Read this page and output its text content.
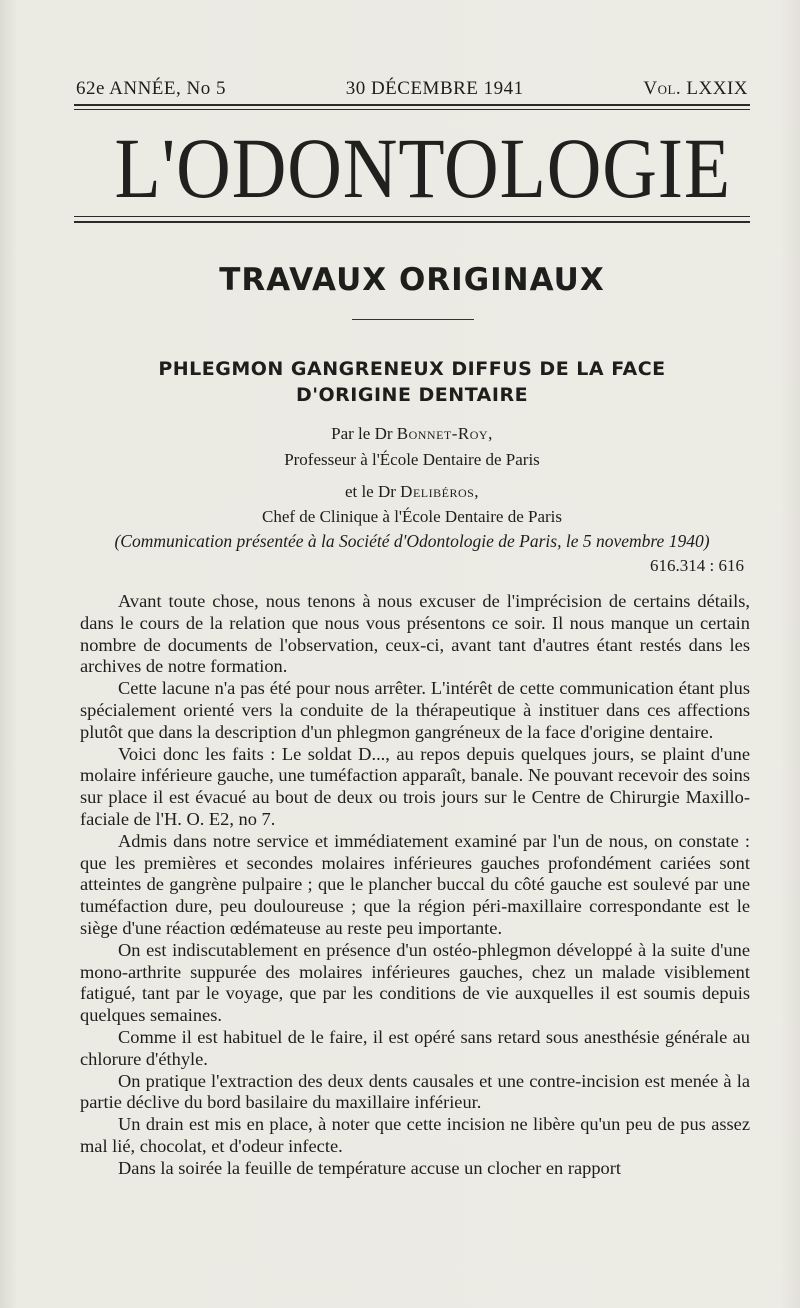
62e ANNÉE, No 5	30 DÉCEMBRE 1941	Vol. LXXIX
L'ODONTOLOGIE
TRAVAUX ORIGINAUX
PHLEGMON GANGRENEUX DIFFUS DE LA FACE
D'ORIGINE DENTAIRE
Par le Dr Bonnet-Roy,
Professeur à l'École Dentaire de Paris
et le Dr Delibéros,
Chef de Clinique à l'École Dentaire de Paris
(Communication présentée à la Société d'Odontologie de Paris, le 5 novembre 1940)
616.314 : 616

Avant toute chose, nous tenons à nous excuser de l'imprécision de certains détails, dans le cours de la relation que nous vous présentons ce soir. Il nous manque un certain nombre de documents de l'observation, ceux-ci, avant tant d'autres étant restés dans les archives de notre formation.

Cette lacune n'a pas été pour nous arrêter. L'intérêt de cette communication étant plus spécialement orienté vers la conduite de la thérapeutique à instituer dans ces affections plutôt que dans la description d'un phlegmon gangréneux de la face d'origine dentaire.

Voici donc les faits : Le soldat D..., au repos depuis quelques jours, se plaint d'une molaire inférieure gauche, une tuméfaction apparaît, banale. Ne pouvant recevoir des soins sur place il est évacué au bout de deux ou trois jours sur le Centre de Chirurgie Maxillo-faciale de l'H. O. E2, no 7.

Admis dans notre service et immédiatement examiné par l'un de nous, on constate : que les premières et secondes molaires inférieures gauches profondément cariées sont atteintes de gangrène pulpaire ; que le plancher buccal du côté gauche est soulevé par une tuméfaction dure, peu douloureuse ; que la région péri-maxillaire correspondante est le siège d'une réaction œdémateuse au reste peu importante.

On est indiscutablement en présence d'un ostéo-phlegmon développé à la suite d'une mono-arthrite suppurée des molaires inférieures gauches, chez un malade visiblement fatigué, tant par le voyage, que par les conditions de vie auxquelles il est soumis depuis quelques semaines.

Comme il est habituel de le faire, il est opéré sans retard sous anesthésie générale au chlorure d'éthyle.

On pratique l'extraction des deux dents causales et une contre-incision est menée à la partie déclive du bord basilaire du maxillaire inférieur.

Un drain est mis en place, à noter que cette incision ne libère qu'un peu de pus assez mal lié, chocolat, et d'odeur infecte.

Dans la soirée la feuille de température accuse un clocher en rapport
